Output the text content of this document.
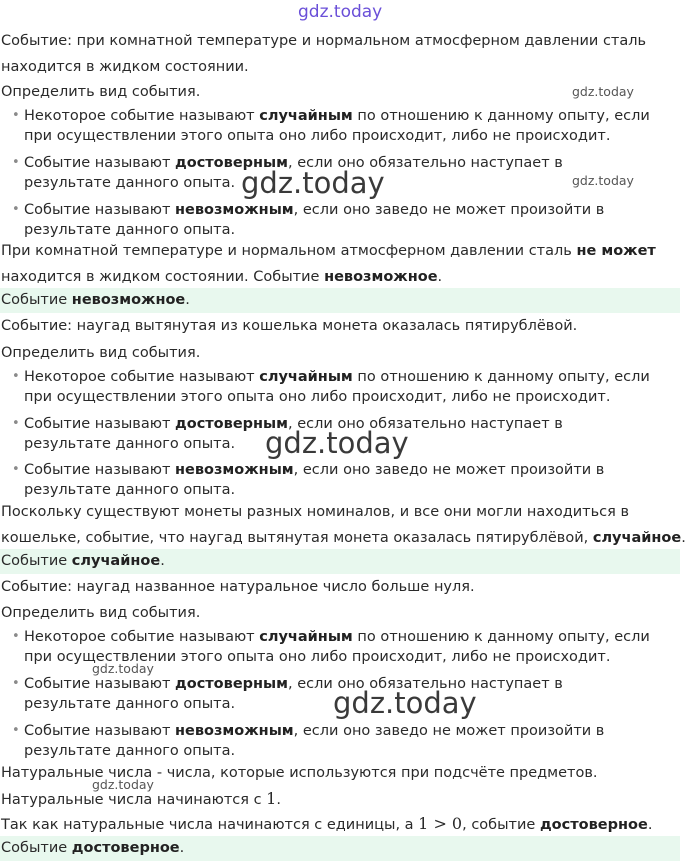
gdz.today
gdz.today
gdz.today
gdz.today
gdz.today
gdz.today
gdz.today
gdz.today

Событие: при комнатной температуре и нормальном атмосферном давлении сталь

находится в жидком состоянии.

Определить вид события.

• Некоторое событие называют случайным по отношению к данному опыту, если при осуществлении этого опыта оно либо происходит, либо не происходит.
• Событие называют достоверным, если оно обязательно наступает в результате данного опыта.
• Событие называют невозможным, если оно заведо не может произойти в результате данного опыта.

При комнатной температуре и нормальном атмосферном давлении сталь не может

находится в жидком состоянии. Событие невозможное.

Событие невозможное.

Событие: наугад вытянутая из кошелька монета оказалась пятирублёвой.

Определить вид события.

• Некоторое событие называют случайным по отношению к данному опыту, если при осуществлении этого опыта оно либо происходит, либо не происходит.
• Событие называют достоверным, если оно обязательно наступает в результате данного опыта.
• Событие называют невозможным, если оно заведо не может произойти в результате данного опыта.

Поскольку существуют монеты разных номиналов, и все они могли находиться в

кошельке, событие, что наугад вытянутая монета оказалась пятирублёвой, случайное.

Событие случайное.

Событие: наугад названное натуральное число больше нуля.

Определить вид события.

• Некоторое событие называют случайным по отношению к данному опыту, если при осуществлении этого опыта оно либо происходит, либо не происходит.
• Событие называют достоверным, если оно обязательно наступает в результате данного опыта.
• Событие называют невозможным, если оно заведо не может произойти в результате данного опыта.

Натуральные числа - числа, которые используются при подсчёте предметов.

Натуральные числа начинаются с 1.

Так как натуральные числа начинаются с единицы, а 1 > 0, событие достоверное.

Событие достоверное.
